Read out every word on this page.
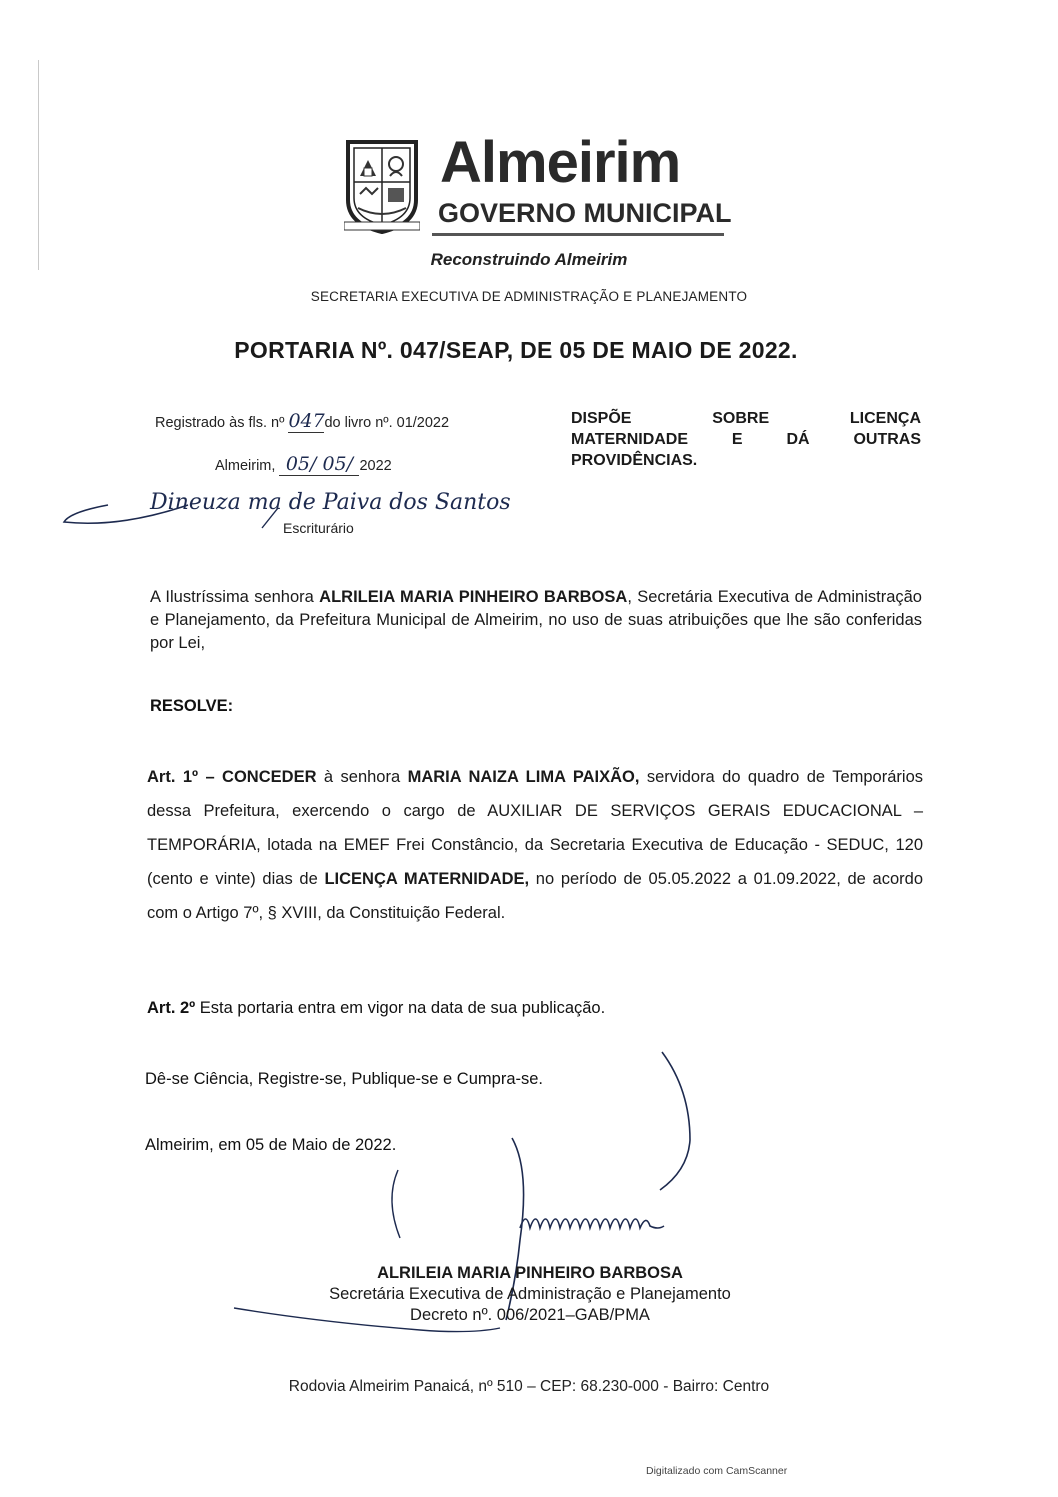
Almeirim
GOVERNO MUNICIPAL
Reconstruindo Almeirim
SECRETARIA EXECUTIVA DE ADMINISTRAÇÃO E PLANEJAMENTO
PORTARIA Nº. 047/SEAP, DE 05 DE MAIO DE 2022.
Registrado às fls. nº 047do livro nº. 01/2022
Almeirim, 05/ 05/ 2022
Dineuza ma de Paiva dos Santos
Escriturário
DISPÕE SOBRE LICENÇA
MATERNIDADE E DÁ OUTRAS
PROVIDÊNCIAS.
A Ilustríssima senhora ALRILEIA MARIA PINHEIRO BARBOSA, Secretária Executiva de Administração e Planejamento, da Prefeitura Municipal de Almeirim, no uso de suas atribuições que lhe são conferidas por Lei,
RESOLVE:
Art. 1º – CONCEDER à senhora MARIA NAIZA LIMA PAIXÃO, servidora do quadro de Temporários dessa Prefeitura, exercendo o cargo de AUXILIAR DE SERVIÇOS GERAIS EDUCACIONAL – TEMPORÁRIA, lotada na EMEF Frei Constâncio, da Secretaria Executiva de Educação - SEDUC, 120 (cento e vinte) dias de LICENÇA MATERNIDADE, no período de 05.05.2022 a 01.09.2022, de acordo com o Artigo 7º, § XVIII, da Constituição Federal.
Art. 2º Esta portaria entra em vigor na data de sua publicação.
Dê-se Ciência, Registre-se, Publique-se e Cumpra-se.
Almeirim, em 05 de Maio de 2022.
ALRILEIA MARIA PINHEIRO BARBOSA
Secretária Executiva de Administração e Planejamento
Decreto nº. 006/2021–GAB/PMA
Rodovia Almeirim Panaicá, nº 510 – CEP: 68.230-000 - Bairro: Centro
Digitalizado com CamScanner
